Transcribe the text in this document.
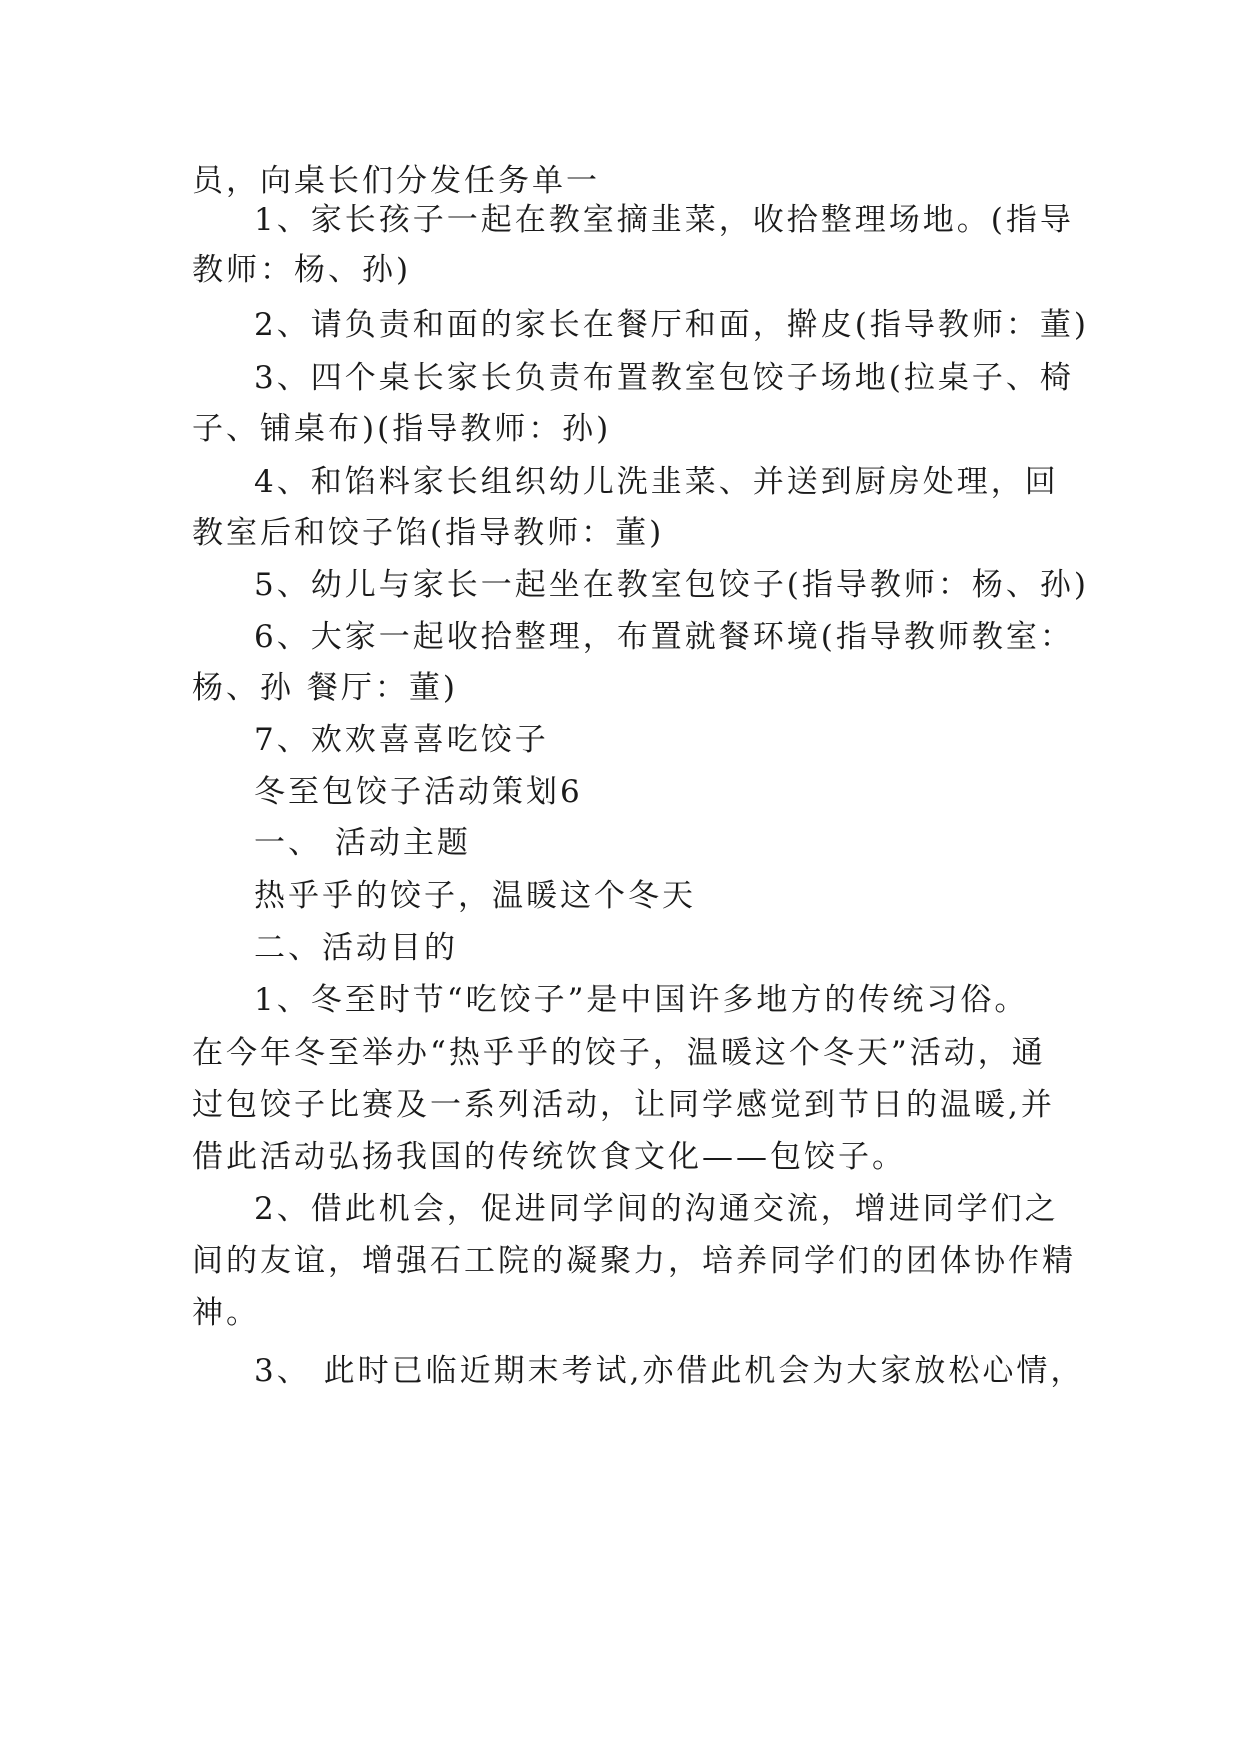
员，向桌长们分发任务单一
1、家长孩子一起在教室摘韭菜，收拾整理场地。(指导
教师：杨、孙)
2、请负责和面的家长在餐厅和面，擀皮(指导教师：董)
3、四个桌长家长负责布置教室包饺子场地(拉桌子、椅
子、铺桌布)(指导教师：孙)
4、和馅料家长组织幼儿洗韭菜、并送到厨房处理，回
教室后和饺子馅(指导教师：董)
5、幼儿与家长一起坐在教室包饺子(指导教师：杨、孙)
6、大家一起收拾整理，布置就餐环境(指导教师教室：
杨、孙 餐厅：董)
7、欢欢喜喜吃饺子
冬至包饺子活动策划6
一、 活动主题
热乎乎的饺子，温暖这个冬天
二、活动目的
1、冬至时节“吃饺子”是中国许多地方的传统习俗。
在今年冬至举办“热乎乎的饺子，温暖这个冬天”活动，通
过包饺子比赛及一系列活动，让同学感觉到节日的温暖,并
借此活动弘扬我国的传统饮食文化——包饺子。
2、借此机会，促进同学间的沟通交流，增进同学们之
间的友谊，增强石工院的凝聚力，培养同学们的团体协作精
神。
3、 此时已临近期末考试,亦借此机会为大家放松心情，
